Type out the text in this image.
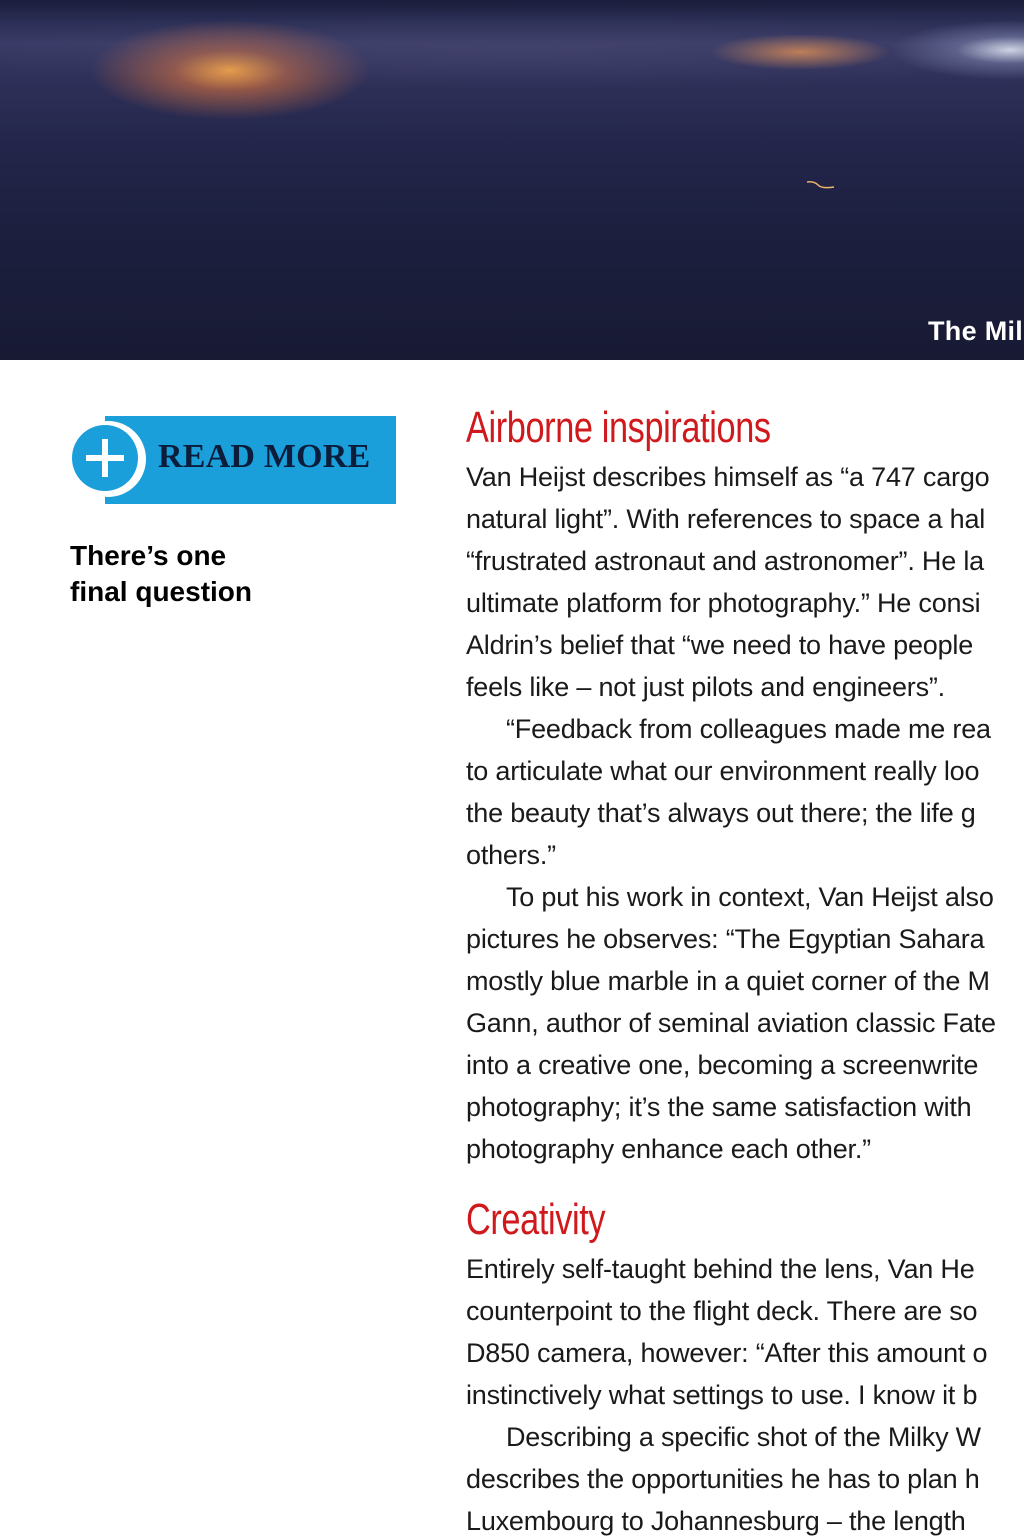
The Mil
READ MORE
There’s one
final question
Airborne inspirations
Van Heijst describes himself as “a 747 cargo
natural light”. With references to space a hal
“frustrated astronaut and astronomer”. He la
ultimate platform for photography.” He consi
Aldrin’s belief that “we need to have people
feels like – not just pilots and engineers”.
“Feedback from colleagues made me rea
to articulate what our environment really loo
the beauty that’s always out there; the life g
others.”
To put his work in context, Van Heijst also
pictures he observes: “The Egyptian Sahara
mostly blue marble in a quiet corner of the M
Gann, author of seminal aviation classic Fate
into a creative one, becoming a screenwrite
photography; it’s the same satisfaction with
photography enhance each other.”
Creativity
Entirely self-taught behind the lens, Van He
counterpoint to the flight deck. There are so
D850 camera, however: “After this amount o
instinctively what settings to use. I know it b
Describing a specific shot of the Milky W
describes the opportunities he has to plan h
Luxembourg to Johannesburg – the length
